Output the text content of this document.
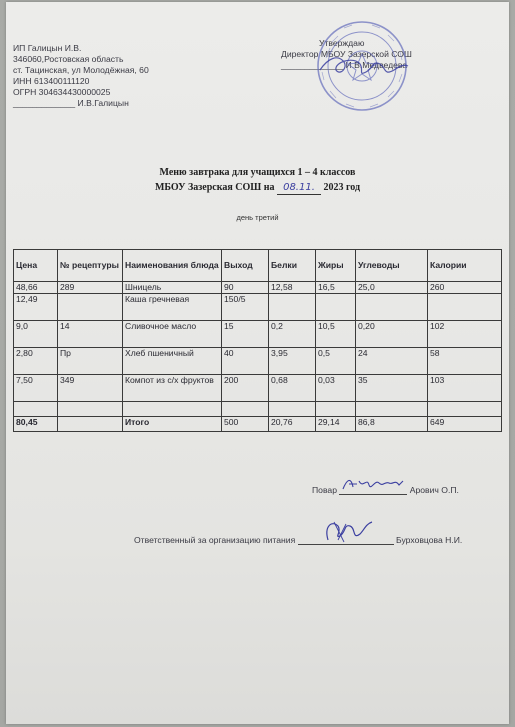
ИП Галицын И.В.
346060,Ростовская область
ст. Тацинская, ул Молодёжная, 60
ИНН 613400111120
ОГРН 304634430000025
_____________ И.В.Галицын
Утверждаю
Директор МБОУ Зазерской СОШ
_____________ И.В.Медведева
Меню завтрака для учащихся 1 – 4 классов
МБОУ Зазерская СОШ на 08.11. 2023 год
день третий
Цена	№ рецептуры	Наименования блюда	Выход	Белки	Жиры	Углеводы	Калории
48,66	289	Шницель	90	12,58	16,5	25,0	260
12,49		Каша гречневая	150/5				
9,0	14	Сливочное масло	15	0,2	10,5	0,20	102
2,80	Пр	Хлеб пшеничный	40	3,95	0,5	24	58
7,50	349	Компот из с/х фруктов	200	0,68	0,03	35	103

80,45		Итого	500	20,76	29,14	86,8	649
Повар	Арович О.П.
Ответственный за организацию питания	Бурховцова Н.И.
